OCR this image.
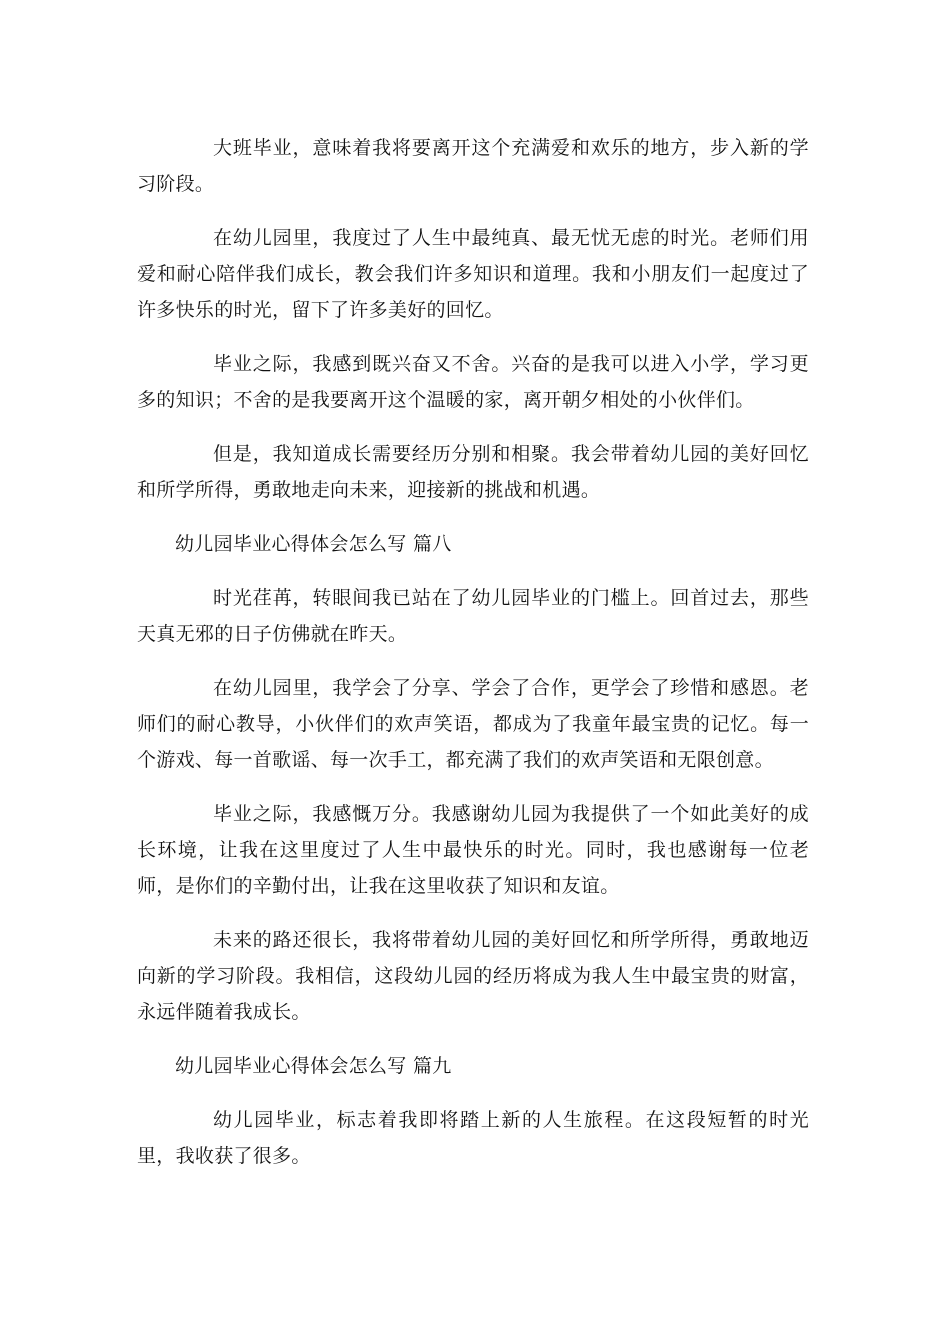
大班毕业，意味着我将要离开这个充满爱和欢乐的地方，步入新的学习阶段。

在幼儿园里，我度过了人生中最纯真、最无忧无虑的时光。老师们用爱和耐心陪伴我们成长，教会我们许多知识和道理。我和小朋友们一起度过了许多快乐的时光，留下了许多美好的回忆。

毕业之际，我感到既兴奋又不舍。兴奋的是我可以进入小学，学习更多的知识；不舍的是我要离开这个温暖的家，离开朝夕相处的小伙伴们。

但是，我知道成长需要经历分别和相聚。我会带着幼儿园的美好回忆和所学所得，勇敢地走向未来，迎接新的挑战和机遇。

幼儿园毕业心得体会怎么写 篇八

时光荏苒，转眼间我已站在了幼儿园毕业的门槛上。回首过去，那些天真无邪的日子仿佛就在昨天。

在幼儿园里，我学会了分享、学会了合作，更学会了珍惜和感恩。老师们的耐心教导，小伙伴们的欢声笑语，都成为了我童年最宝贵的记忆。每一个游戏、每一首歌谣、每一次手工，都充满了我们的欢声笑语和无限创意。

毕业之际，我感慨万分。我感谢幼儿园为我提供了一个如此美好的成长环境，让我在这里度过了人生中最快乐的时光。同时，我也感谢每一位老师，是你们的辛勤付出，让我在这里收获了知识和友谊。

未来的路还很长，我将带着幼儿园的美好回忆和所学所得，勇敢地迈向新的学习阶段。我相信，这段幼儿园的经历将成为我人生中最宝贵的财富，永远伴随着我成长。

幼儿园毕业心得体会怎么写 篇九

幼儿园毕业，标志着我即将踏上新的人生旅程。在这段短暂的时光里，我收获了很多。
